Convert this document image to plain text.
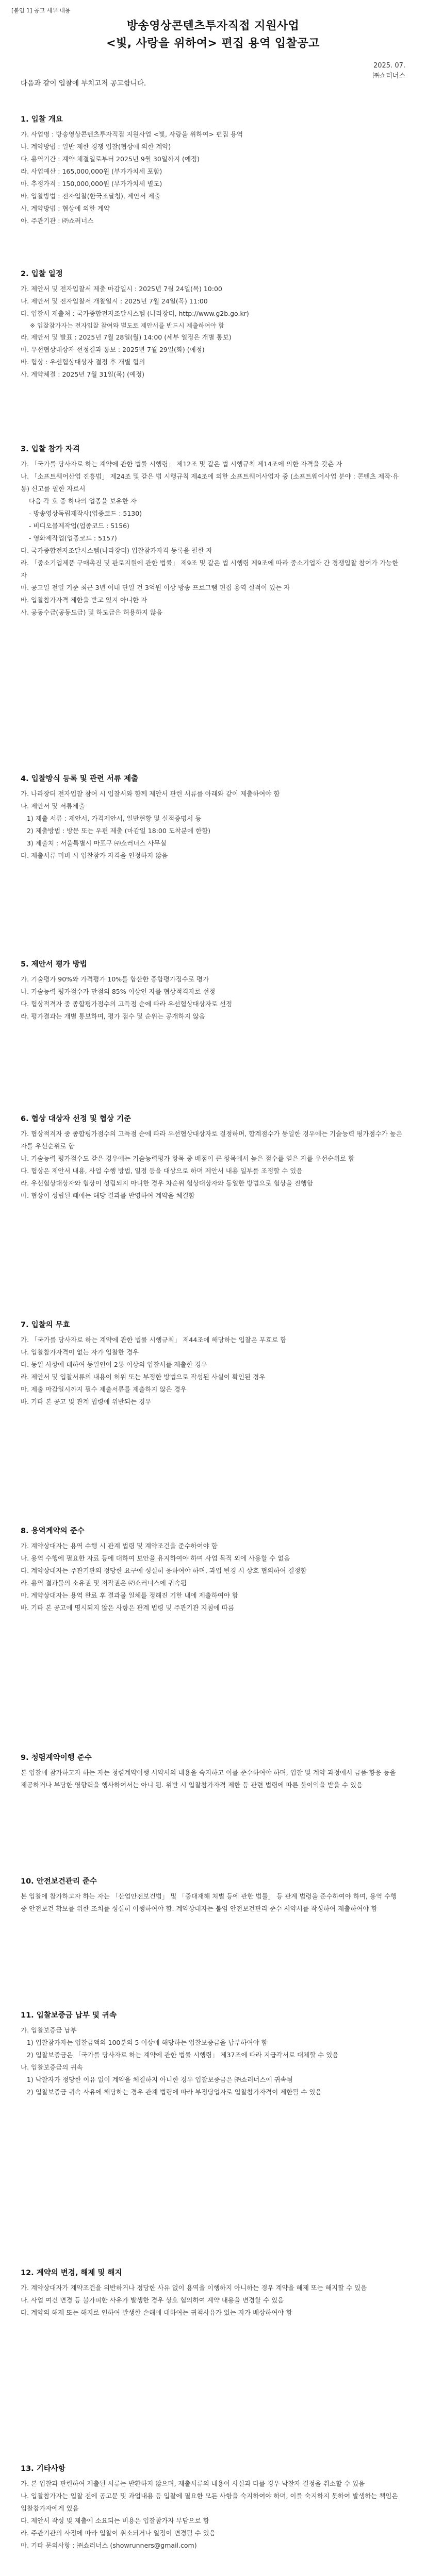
[붙임 1] 공고 세부 내용
방송영상콘텐츠투자직접 지원사업
<빛, 사랑을 위하여> 편집 용역 입찰공고
2025. 07.
㈜쇼러너스
다음과 같이 입찰에 부치고저 공고합니다.
1. 입찰 개요
가. 사업명 : 방송영상콘텐츠투자직접 지원사업 <빛, 사랑을 위하여> 편집 용역
나. 계약방법 : 일반 제한 경쟁 입찰(협상에 의한 계약)
다. 용역기간 : 계약 체결일로부터 2025년 9월 30일까지 (예정)
라. 사업예산 : 165,000,000원 (부가가치세 포함)
마. 추정가격 : 150,000,000원 (부가가치세 별도)
바. 입찰방법 : 전자입찰(한국조달청), 제안서 제출
사. 계약방법 : 협상에 의한 계약
아. 주관기관 : ㈜쇼러너스
2. 입찰 일정
가. 제안서 및 전자입찰서 제출 마감일시 : 2025년 7월 24일(목) 10:00
나. 제안서 및 전자입찰서 개찰일시 : 2025년 7월 24일(목) 11:00
다. 입찰서 제출처 : 국가종합전자조달시스템 (나라장터, http://www.g2b.go.kr)
※ 입찰참가자는 전자입찰 참여와 별도로 제안서를 반드시 제출하여야 함
라. 제안서 및 발표 : 2025년 7월 28일(월) 14:00 (세부 일정은 개별 통보)
마. 우선협상대상자 선정결과 통보 : 2025년 7월 29일(화) (예정)
바. 협상 : 우선협상대상자 결정 후 개별 협의
사. 계약체결 : 2025년 7월 31일(목) (예정)
3. 입찰 참가 자격
가. 「국가를 당사자로 하는 계약에 관한 법률 시행령」 제12조 및 같은 법 시행규칙 제14조에 의한 자격을 갖춘 자
나. 「소프트웨어산업 진흥법」 제24조 및 같은 법 시행규칙 제4조에 의한 소프트웨어사업자 중 (소프트웨어사업 분야 : 콘텐츠 제작·유통) 신고를 필한 자로서
다음 각 호 중 하나의 업종을 보유한 자
- 방송영상독립제작사(업종코드 : 5130)
- 비디오물제작업(업종코드 : 5156)
- 영화제작업(업종코드 : 5157)
다. 국가종합전자조달시스템(나라장터) 입찰참가자격 등록을 필한 자
라. 「중소기업제품 구매촉진 및 판로지원에 관한 법률」 제9조 및 같은 법 시행령 제9조에 따라 중소기업자 간 경쟁입찰 참여가 가능한 자
마. 공고일 전일 기준 최근 3년 이내 단일 건 3억원 이상 방송 프로그램 편집 용역 실적이 있는 자
바. 입찰참가자격 제한을 받고 있지 아니한 자
사. 공동수급(공동도급) 및 하도급은 허용하지 않음
4. 입찰방식 등록 및 관련 서류 제출
가. 나라장터 전자입찰 참여 시 입찰서와 함께 제안서 관련 서류를 아래와 같이 제출하여야 함
나. 제안서 및 서류제출
1) 제출 서류 : 제안서, 가격제안서, 일반현황 및 실적증명서 등
2) 제출방법 : 방문 또는 우편 제출 (마감일 18:00 도착분에 한함)
3) 제출처 : 서울특별시 마포구 ㈜쇼러너스 사무실
다. 제출서류 미비 시 입찰참가 자격을 인정하지 않음
5. 제안서 평가 방법
가. 기술평가 90%와 가격평가 10%를 합산한 종합평가점수로 평가
나. 기술능력 평가점수가 만점의 85% 이상인 자를 협상적격자로 선정
다. 협상적격자 중 종합평가점수의 고득점 순에 따라 우선협상대상자로 선정
라. 평가결과는 개별 통보하며, 평가 점수 및 순위는 공개하지 않음
6. 협상 대상자 선정 및 협상 기준
가. 협상적격자 중 종합평가점수의 고득점 순에 따라 우선협상대상자로 결정하며, 합계점수가 동일한 경우에는 기술능력 평가점수가 높은 자를 우선순위로 함
나. 기술능력 평가점수도 같은 경우에는 기술능력평가 항목 중 배점이 큰 항목에서 높은 점수를 얻은 자를 우선순위로 함
다. 협상은 제안서 내용, 사업 수행 방법, 일정 등을 대상으로 하며 제안서 내용 일부를 조정할 수 있음
라. 우선협상대상자와 협상이 성립되지 아니한 경우 차순위 협상대상자와 동일한 방법으로 협상을 진행함
마. 협상이 성립된 때에는 해당 결과를 반영하여 계약을 체결함
7. 입찰의 무효
가. 「국가를 당사자로 하는 계약에 관한 법률 시행규칙」 제44조에 해당하는 입찰은 무효로 함
나. 입찰참가자격이 없는 자가 입찰한 경우
다. 동일 사항에 대하여 동일인이 2통 이상의 입찰서를 제출한 경우
라. 제안서 및 입찰서류의 내용이 허위 또는 부정한 방법으로 작성된 사실이 확인된 경우
마. 제출 마감일시까지 필수 제출서류를 제출하지 않은 경우
바. 기타 본 공고 및 관계 법령에 위반되는 경우
8. 용역계약의 준수
가. 계약상대자는 용역 수행 시 관계 법령 및 계약조건을 준수하여야 함
나. 용역 수행에 필요한 자료 등에 대하여 보안을 유지하여야 하며 사업 목적 외에 사용할 수 없음
다. 계약상대자는 주관기관의 정당한 요구에 성실히 응하여야 하며, 과업 변경 시 상호 협의하여 결정함
라. 용역 결과물의 소유권 및 저작권은 ㈜쇼러너스에 귀속됨
마. 계약상대자는 용역 완료 후 결과물 일체를 정해진 기한 내에 제출하여야 함
바. 기타 본 공고에 명시되지 않은 사항은 관계 법령 및 주관기관 지침에 따름
9. 청렴계약이행 준수
본 입찰에 참가하고자 하는 자는 청렴계약이행 서약서의 내용을 숙지하고 이를 준수하여야 하며, 입찰 및 계약 과정에서 금품·향응 등을 제공하거나 부당한 영향력을 행사하여서는 아니 됨. 위반 시 입찰참가자격 제한 등 관련 법령에 따른 불이익을 받을 수 있음
10. 안전보건관리 준수
본 입찰에 참가하고자 하는 자는 「산업안전보건법」 및 「중대재해 처벌 등에 관한 법률」 등 관계 법령을 준수하여야 하며, 용역 수행 중 안전보건 확보를 위한 조치를 성실히 이행하여야 함. 계약상대자는 붙임 안전보건관리 준수 서약서를 작성하여 제출하여야 함
11. 입찰보증금 납부 및 귀속
가. 입찰보증금 납부
1) 입찰참가자는 입찰금액의 100분의 5 이상에 해당하는 입찰보증금을 납부하여야 함
2) 입찰보증금은 「국가를 당사자로 하는 계약에 관한 법률 시행령」 제37조에 따라 지급각서로 대체할 수 있음
나. 입찰보증금의 귀속
1) 낙찰자가 정당한 이유 없이 계약을 체결하지 아니한 경우 입찰보증금은 ㈜쇼러너스에 귀속됨
2) 입찰보증금 귀속 사유에 해당하는 경우 관계 법령에 따라 부정당업자로 입찰참가자격이 제한될 수 있음
12. 계약의 변경, 해제 및 해지
가. 계약상대자가 계약조건을 위반하거나 정당한 사유 없이 용역을 이행하지 아니하는 경우 계약을 해제 또는 해지할 수 있음
나. 사업 여건 변경 등 불가피한 사유가 발생한 경우 상호 협의하여 계약 내용을 변경할 수 있음
다. 계약의 해제 또는 해지로 인하여 발생한 손해에 대하여는 귀책사유가 있는 자가 배상하여야 함
13. 기타사항
가. 본 입찰과 관련하여 제출된 서류는 반환하지 않으며, 제출서류의 내용이 사실과 다를 경우 낙찰자 결정을 취소할 수 있음
나. 입찰참가자는 입찰 전에 공고문 및 과업내용 등 입찰에 필요한 모든 사항을 숙지하여야 하며, 이를 숙지하지 못하여 발생하는 책임은 입찰참가자에게 있음
다. 제안서 작성 및 제출에 소요되는 비용은 입찰참가자 부담으로 함
라. 주관기관의 사정에 따라 입찰이 취소되거나 일정이 변경될 수 있음
마. 기타 문의사항 : ㈜쇼러너스 (showrunners@gmail.com)
